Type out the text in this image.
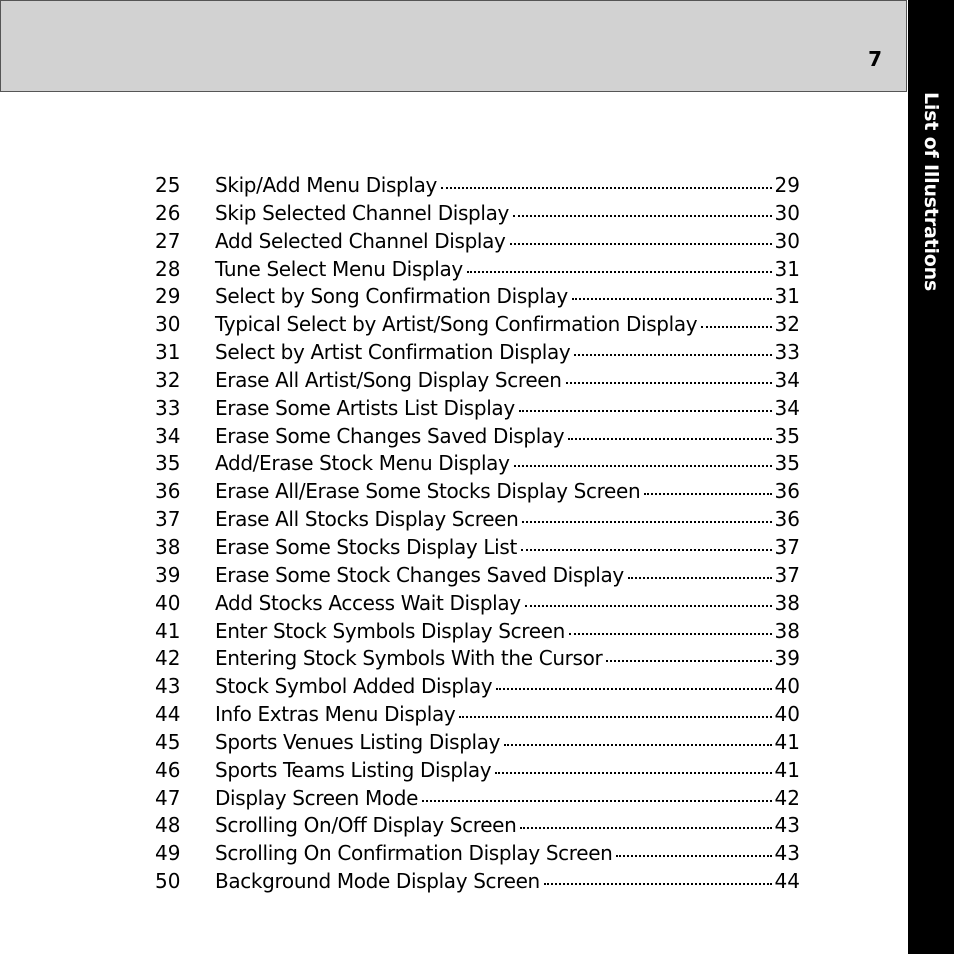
7
List of Illustrations
25	Skip/Add Menu Display	29
26	Skip Selected Channel Display	30
27	Add Selected Channel Display	30
28	Tune Select Menu Display	31
29	Select by Song Confirmation Display	31
30	Typical Select by Artist/Song Confirmation Display	32
31	Select by Artist Confirmation Display	33
32	Erase All Artist/Song Display Screen	34
33	Erase Some Artists List Display	34
34	Erase Some Changes Saved Display	35
35	Add/Erase Stock Menu Display	35
36	Erase All/Erase Some Stocks Display Screen	36
37	Erase All Stocks Display Screen	36
38	Erase Some Stocks Display List	37
39	Erase Some Stock Changes Saved Display	37
40	Add Stocks Access Wait Display	38
41	Enter Stock Symbols Display Screen	38
42	Entering Stock Symbols With the Cursor	39
43	Stock Symbol Added Display	40
44	Info Extras Menu Display	40
45	Sports Venues Listing Display	41
46	Sports Teams Listing Display	41
47	Display Screen Mode	42
48	Scrolling On/Off Display Screen	43
49	Scrolling On Confirmation Display Screen	43
50	Background Mode Display Screen	44
